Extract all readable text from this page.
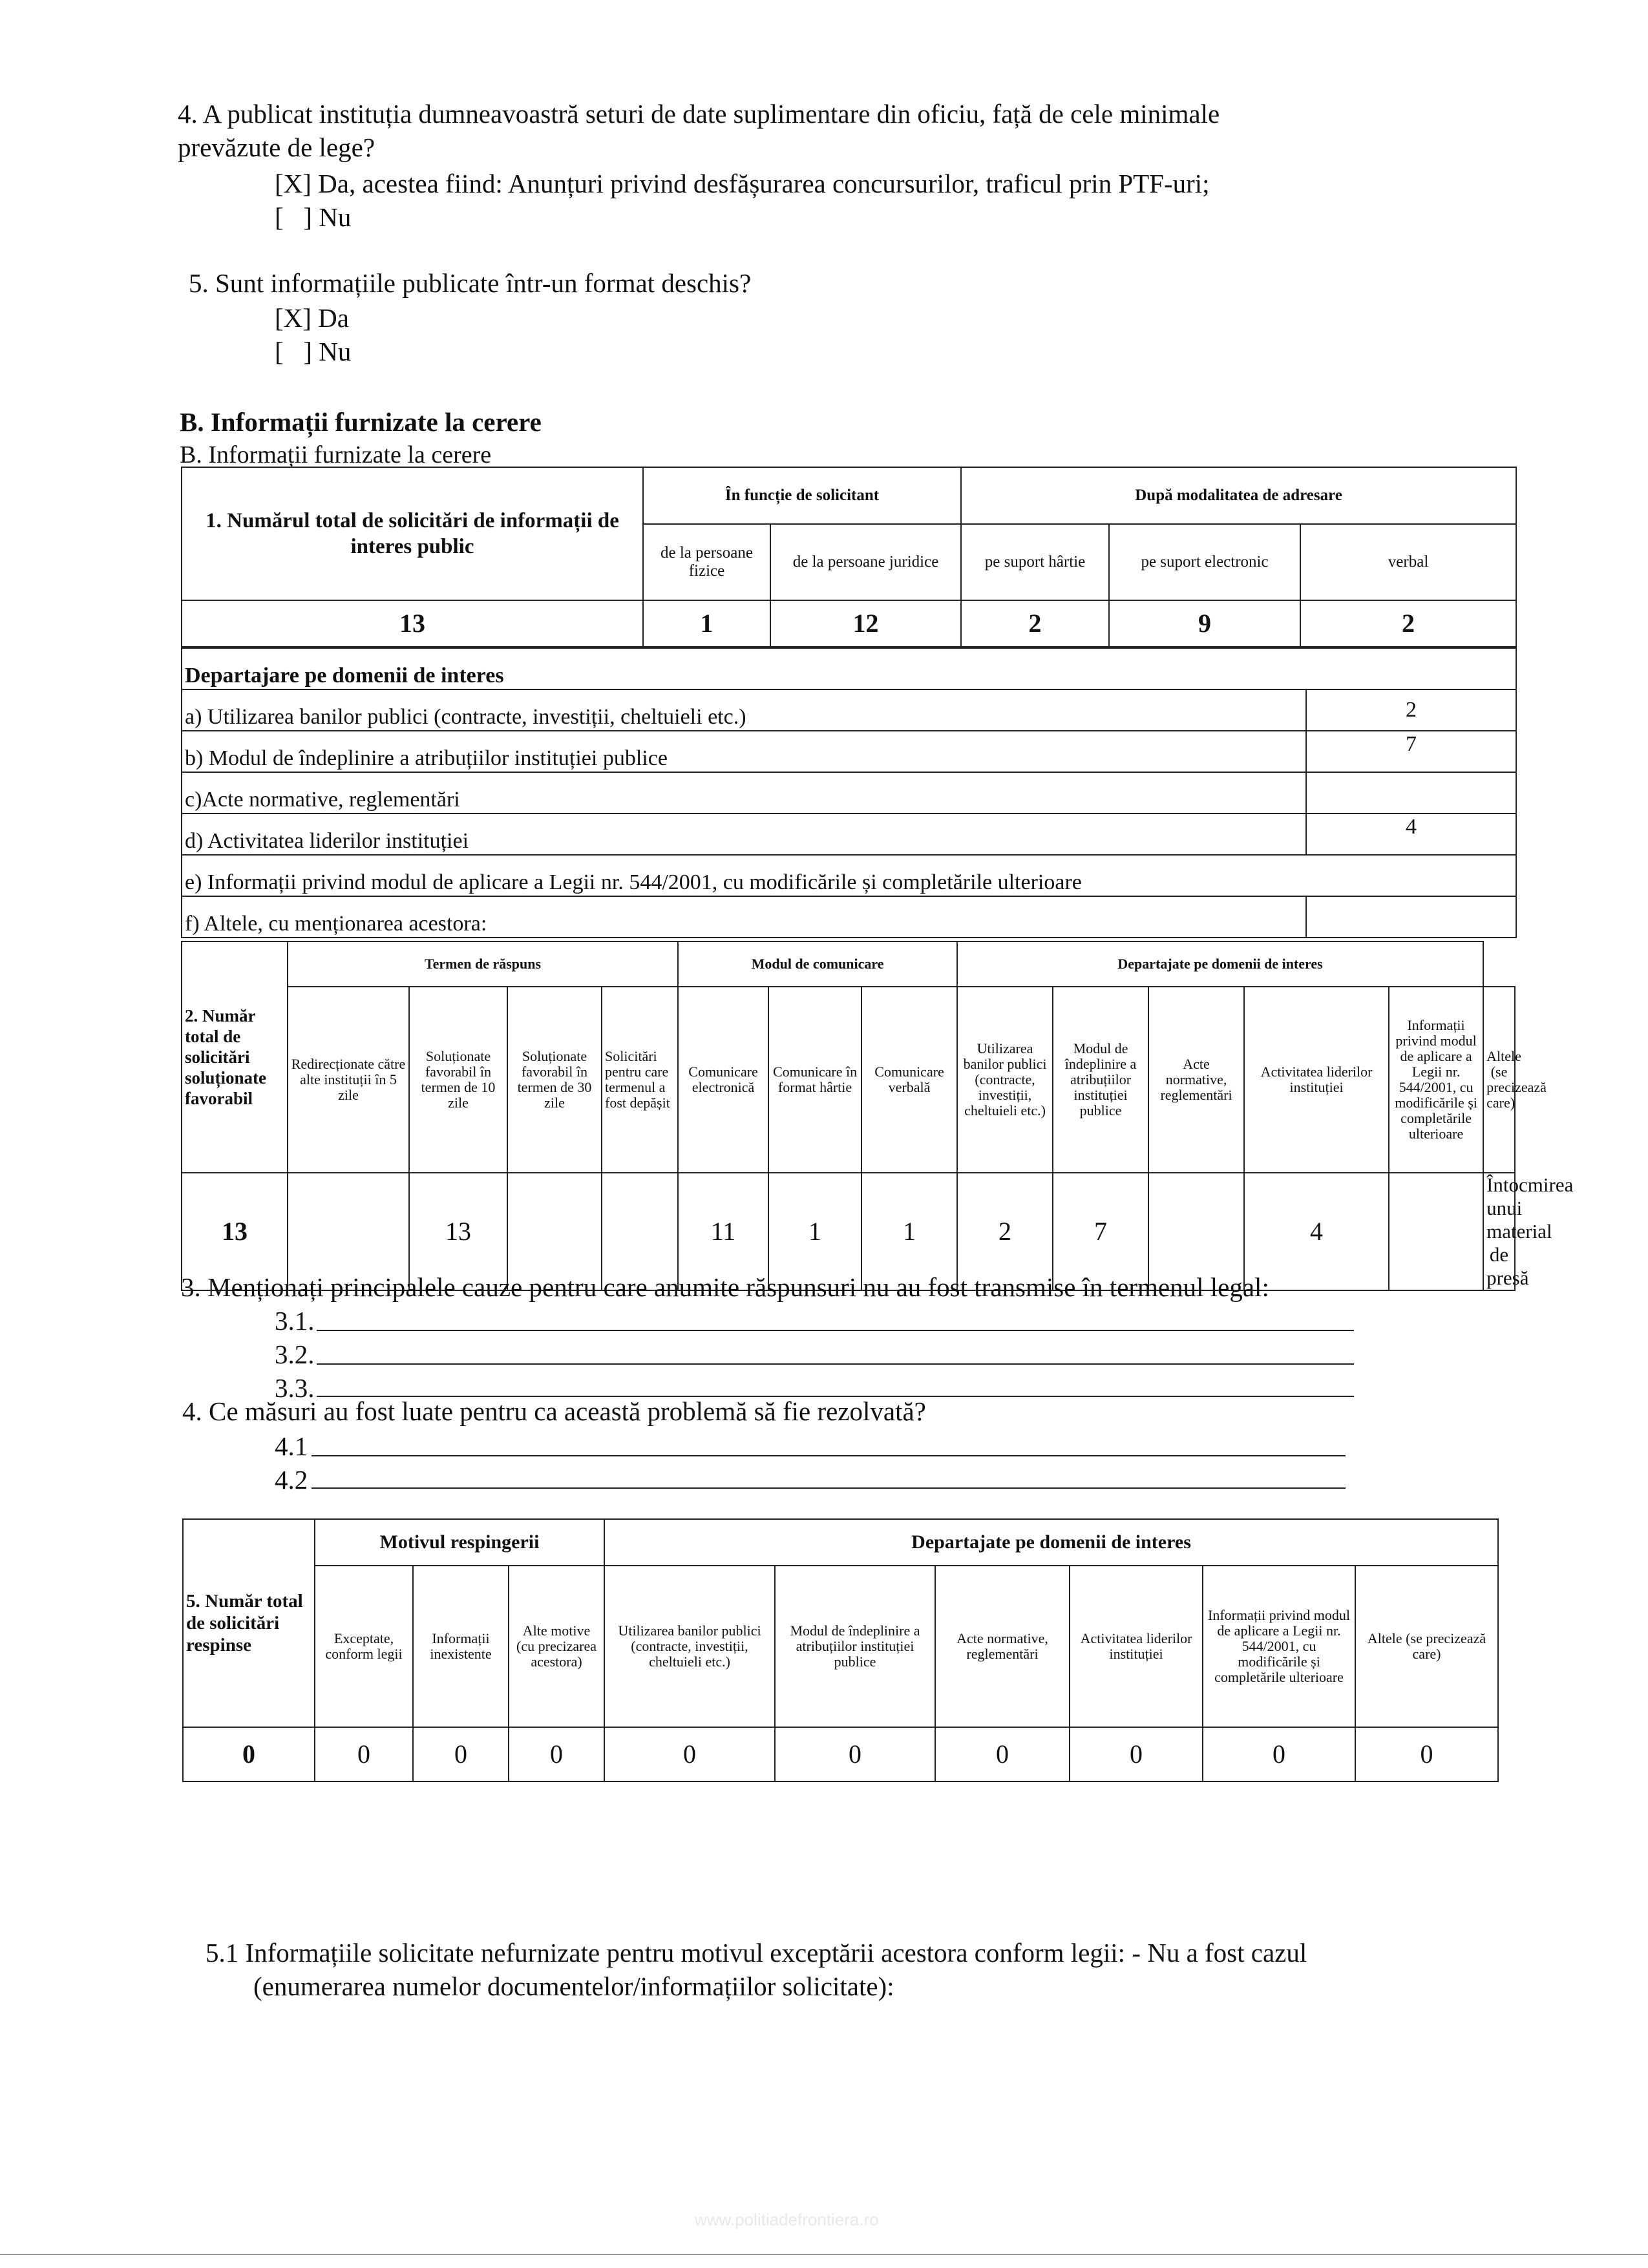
4. A publicat instituția dumneavoastră seturi de date suplimentare din oficiu, față de cele minimale
prevăzute de lege?
[X] Da, acestea fiind: Anunțuri privind desfășurarea concursurilor, traficul prin PTF-uri;
[   ] Nu
5. Sunt informațiile publicate într-un format deschis?
[X] Da
[   ] Nu
B. Informații furnizate la cerere
B. Informații furnizate la cerere
1. Numărul total de solicitări de informații de interes public	În funcție de solicitant		După modalitatea de adresare		
	de la persoane fizice	de la persoane juridice	pe suport hârtie	pe suport electronic	verbal
13	1	12	2	9	2
Departajare pe domenii de interes	
a) Utilizarea banilor publici (contracte, investiții, cheltuieli etc.)	2
b) Modul de îndeplinire a atribuțiilor instituției publice	7
c)Acte normative, reglementări	
d) Activitatea liderilor instituției	4
e) Informații privind modul de aplicare a Legii nr. 544/2001, cu modificările și completările ulterioare	
f) Altele, cu menționarea acestora:	
2. Număr total de solicitări soluționate favorabil	Termen de răspuns				Modul de comunicare			Departajate pe domenii de interes					
	Redirecționate către alte instituții în 5 zile	Soluționate favorabil în termen de 10 zile	Soluționate favorabil în termen de 30 zile	Solicitări pentru care termenul a fost depășit	Comunicare electronică	Comunicare în format hârtie	Comunicare verbală	Utilizarea banilor publici (contracte, investiții, cheltuieli etc.)	Modul de îndeplinire a atribuțiilor instituției publice	Acte normative, reglementări	Activitatea liderilor instituției	Informații privind modul de aplicare a Legii nr. 544/2001, cu modificările și completările ulterioare	Altele (se precizează care)
13		13			11	1	1	2	7		4		Întocmirea unui material de presă
3. Menționați principalele cauze pentru care anumite răspunsuri nu au fost transmise în termenul legal:
3.1.
3.2.
3.3.
4. Ce măsuri au fost luate pentru ca această problemă să fie rezolvată?
4.1
4.2
5. Număr total de solicitări respinse	Motivul respingerii			Departajate pe domenii de interes					
	Exceptate, conform legii	Informații inexistente	Alte motive (cu precizarea acestora)	Utilizarea banilor publici (contracte, investiții, cheltuieli etc.)	Modul de îndeplinire a atribuțiilor instituției publice	Acte normative, reglementări	Activitatea liderilor instituției	Informații privind modul de aplicare a Legii nr. 544/2001, cu modificările și completările ulterioare	Altele (se precizează care)
0	0	0	0	0	0	0	0	0	0
5.1 Informațiile solicitate nefurnizate pentru motivul exceptării acestora conform legii: - Nu a fost cazul
(enumerarea numelor documentelor/informațiilor solicitate):
www.politiadefrontiera.ro
